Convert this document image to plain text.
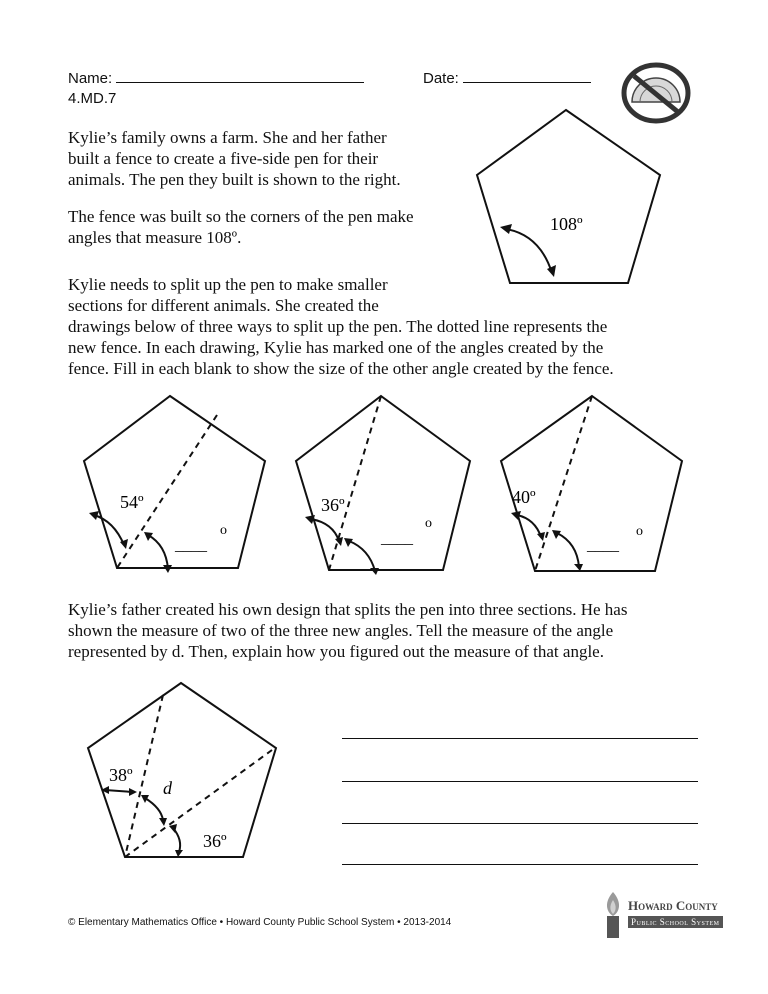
Name:
4.MD.7
Date:
Kylie’s family owns a farm. She and her father
built a fence to create a five-side pen for their
animals. The pen they built is shown to the right.
The fence was built so the corners of the pen make
angles that measure 108º.
108º
Kylie needs to split up the pen to make smaller
sections for different animals. She created the
drawings below of three ways to split up the pen. The dotted line represents the
new fence. In each drawing, Kylie has marked one of the angles created by the
fence. Fill in each blank to show the size of the other angle created by the fence.
54º
____
o
36º
____
o
40º
____
o
Kylie’s father created his own design that splits the pen into three sections. He has
shown the measure of two of the three new angles. Tell the measure of the angle
represented by d. Then, explain how you figured out the measure of that angle.
38º
d
36º
© Elementary Mathematics Office • Howard County Public School System • 2013-2014
Howard County
Public School System
